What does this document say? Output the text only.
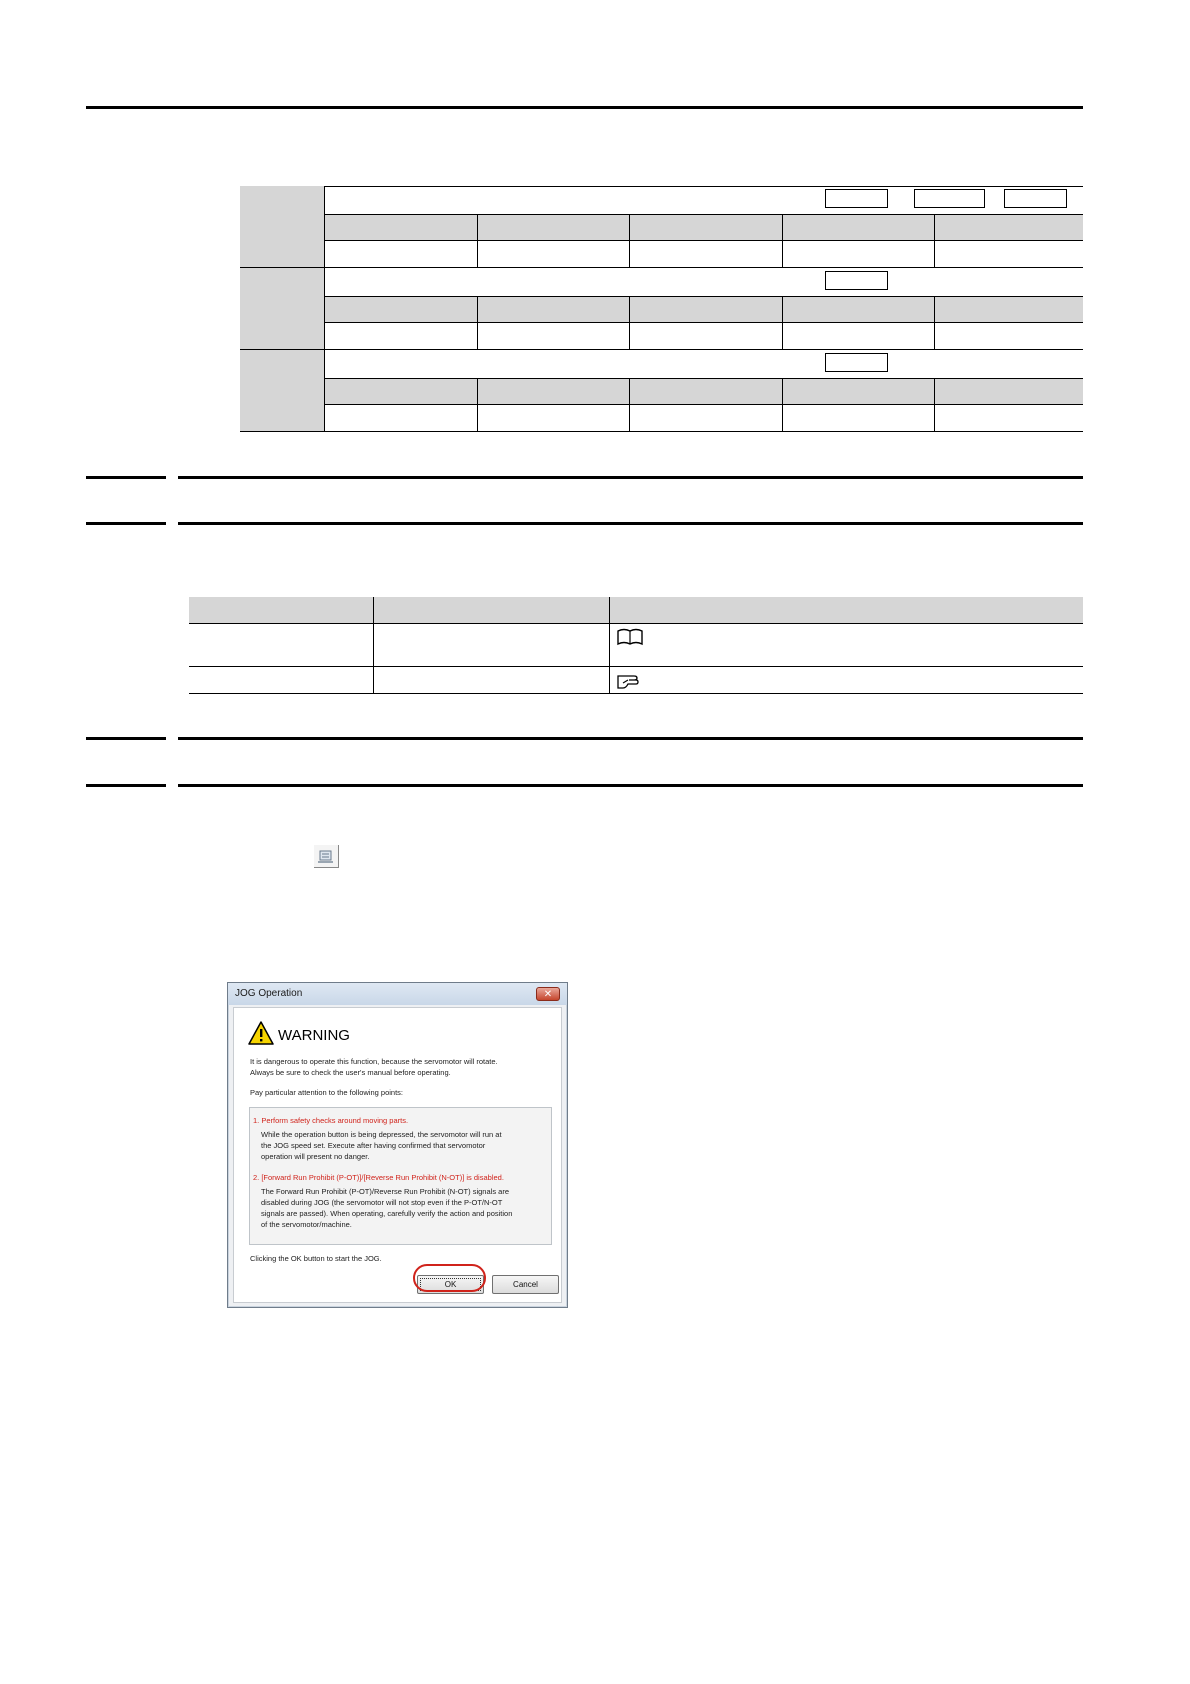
JOG Operation	✕
WARNING
It is dangerous to operate this function, because the servomotor will rotate.
Always be sure to check the user's manual before operating.
Pay particular attention to the following points:
1. Perform safety checks around moving parts.
While the operation button is being depressed, the servomotor will run at
the JOG speed set. Execute after having confirmed that servomotor
operation will present no danger.
2. [Forward Run Prohibit (P-OT)]/[Reverse Run Prohibit (N-OT)] is disabled.
The Forward Run Prohibit (P-OT)/Reverse Run Prohibit (N-OT) signals are
disabled during JOG (the servomotor will not stop even if the P-OT/N-OT
signals are passed). When operating, carefully verify the action and position
of the servomotor/machine.
Clicking the OK button to start the JOG.
OK	Cancel
